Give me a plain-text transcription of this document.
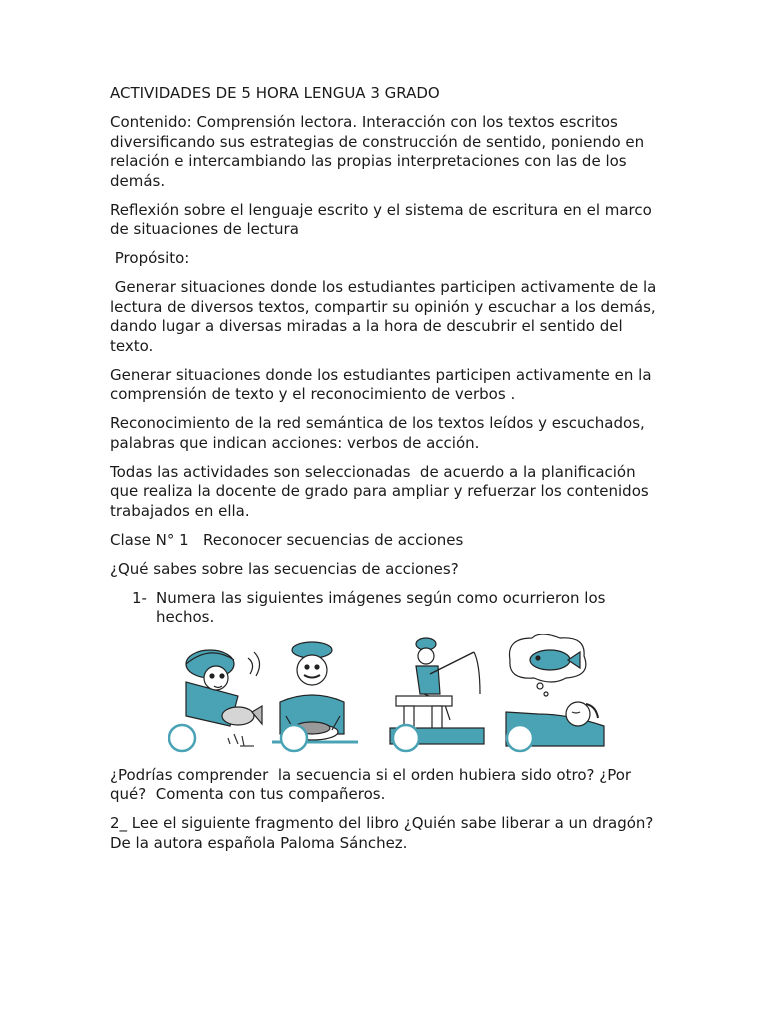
ACTIVIDADES DE 5 HORA LENGUA 3 GRADO

Contenido: Comprensión lectora. Interacción con los textos escritos diversificando sus estrategias de construcción de sentido, poniendo en relación e intercambiando las propias interpretaciones con las de los demás.

Reflexión sobre el lenguaje escrito y el sistema de escritura en el marco de situaciones de lectura

Propósito:

Generar situaciones donde los estudiantes participen activamente de la lectura de diversos textos, compartir su opinión y escuchar a los demás, dando lugar a diversas miradas a la hora de descubrir el sentido del texto.

Generar situaciones donde los estudiantes participen activamente en la comprensión de texto y el reconocimiento de verbos .

Reconocimiento de la red semántica de los textos leídos y escuchados, palabras que indican acciones: verbos de acción.

Todas las actividades son seleccionadas  de acuerdo a la planificación que realiza la docente de grado para ampliar y refuerzar los contenidos trabajados en ella.

Clase N° 1   Reconocer secuencias de acciones

¿Qué sabes sobre las secuencias de acciones?

1- Numera las siguientes imágenes según como ocurrieron los hechos.

¿Podrías comprender  la secuencia si el orden hubiera sido otro? ¿Por qué?  Comenta con tus compañeros.

2_ Lee el siguiente fragmento del libro ¿Quién sabe liberar a un dragón? De la autora española Paloma Sánchez.
